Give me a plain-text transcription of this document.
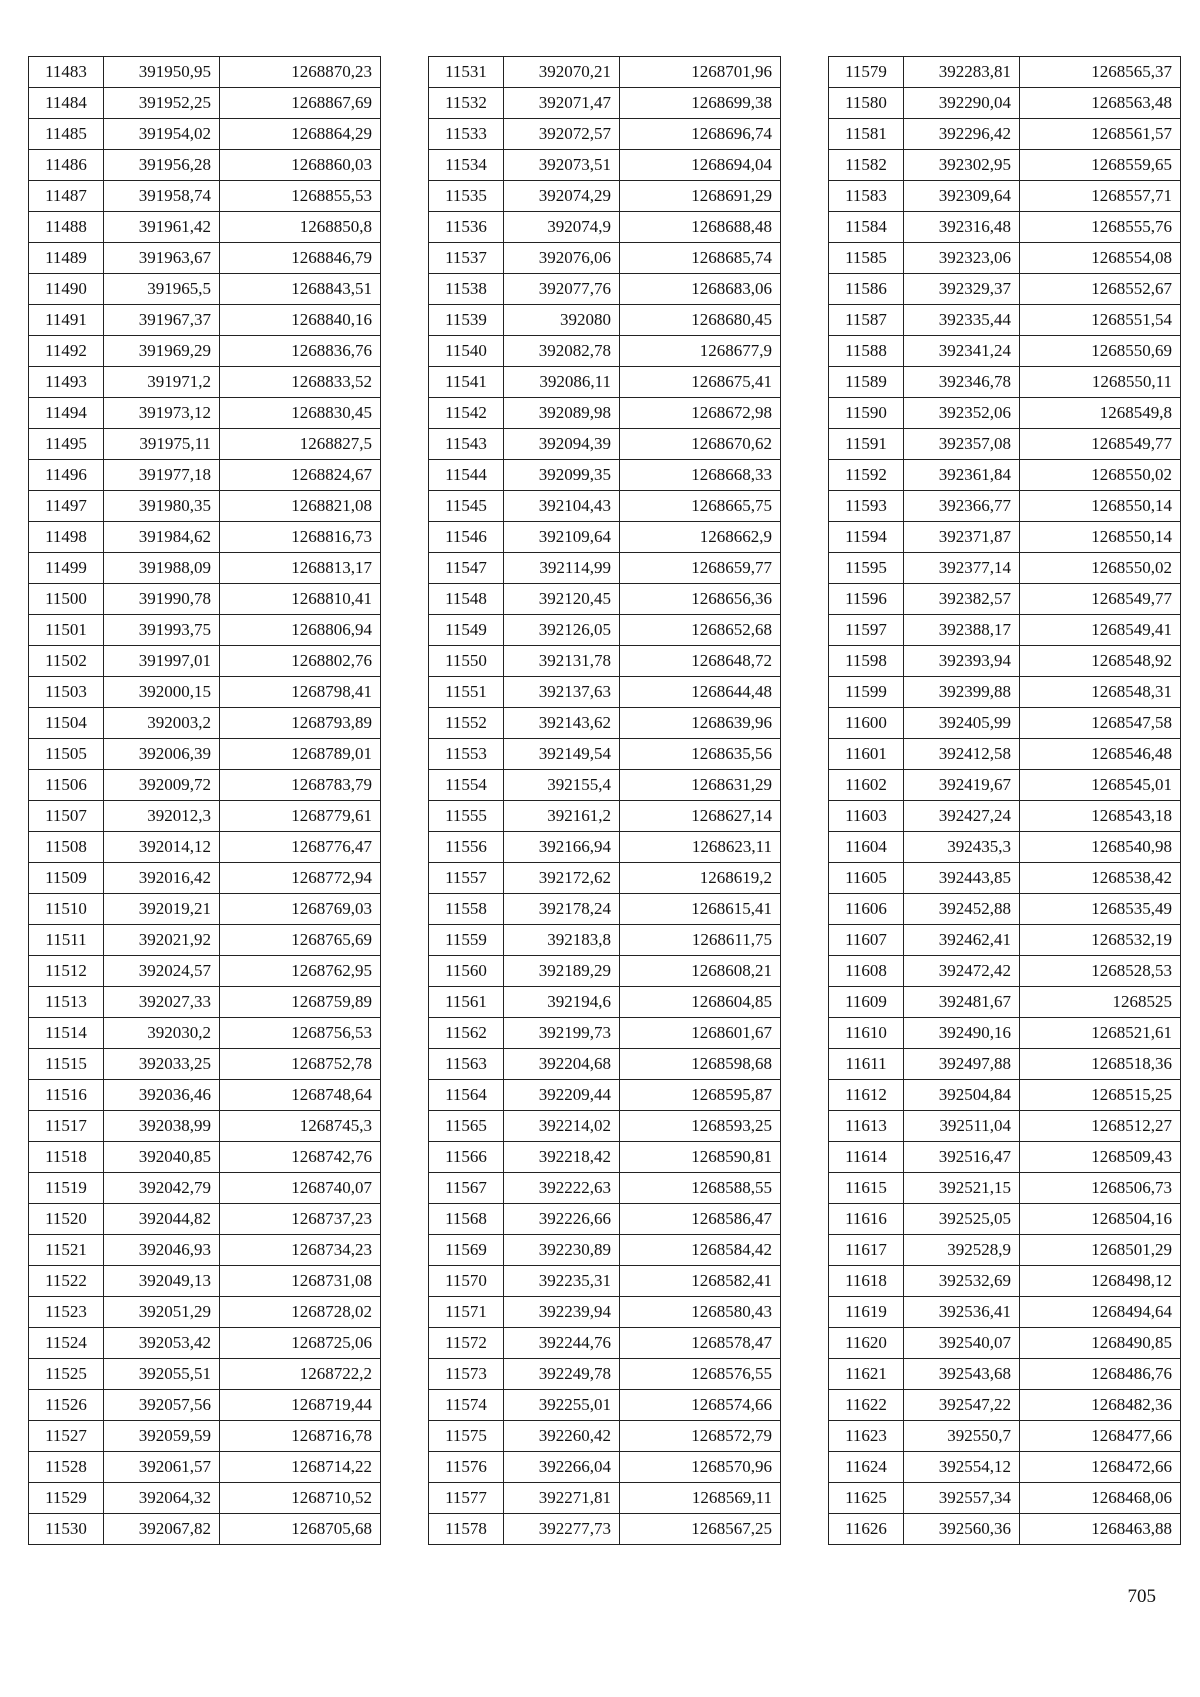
11483	391950,95	1268870,23
11484	391952,25	1268867,69
11485	391954,02	1268864,29
11486	391956,28	1268860,03
11487	391958,74	1268855,53
11488	391961,42	1268850,8
11489	391963,67	1268846,79
11490	391965,5	1268843,51
11491	391967,37	1268840,16
11492	391969,29	1268836,76
11493	391971,2	1268833,52
11494	391973,12	1268830,45
11495	391975,11	1268827,5
11496	391977,18	1268824,67
11497	391980,35	1268821,08
11498	391984,62	1268816,73
11499	391988,09	1268813,17
11500	391990,78	1268810,41
11501	391993,75	1268806,94
11502	391997,01	1268802,76
11503	392000,15	1268798,41
11504	392003,2	1268793,89
11505	392006,39	1268789,01
11506	392009,72	1268783,79
11507	392012,3	1268779,61
11508	392014,12	1268776,47
11509	392016,42	1268772,94
11510	392019,21	1268769,03
11511	392021,92	1268765,69
11512	392024,57	1268762,95
11513	392027,33	1268759,89
11514	392030,2	1268756,53
11515	392033,25	1268752,78
11516	392036,46	1268748,64
11517	392038,99	1268745,3
11518	392040,85	1268742,76
11519	392042,79	1268740,07
11520	392044,82	1268737,23
11521	392046,93	1268734,23
11522	392049,13	1268731,08
11523	392051,29	1268728,02
11524	392053,42	1268725,06
11525	392055,51	1268722,2
11526	392057,56	1268719,44
11527	392059,59	1268716,78
11528	392061,57	1268714,22
11529	392064,32	1268710,52
11530	392067,82	1268705,68
11531	392070,21	1268701,96
11532	392071,47	1268699,38
11533	392072,57	1268696,74
11534	392073,51	1268694,04
11535	392074,29	1268691,29
11536	392074,9	1268688,48
11537	392076,06	1268685,74
11538	392077,76	1268683,06
11539	392080	1268680,45
11540	392082,78	1268677,9
11541	392086,11	1268675,41
11542	392089,98	1268672,98
11543	392094,39	1268670,62
11544	392099,35	1268668,33
11545	392104,43	1268665,75
11546	392109,64	1268662,9
11547	392114,99	1268659,77
11548	392120,45	1268656,36
11549	392126,05	1268652,68
11550	392131,78	1268648,72
11551	392137,63	1268644,48
11552	392143,62	1268639,96
11553	392149,54	1268635,56
11554	392155,4	1268631,29
11555	392161,2	1268627,14
11556	392166,94	1268623,11
11557	392172,62	1268619,2
11558	392178,24	1268615,41
11559	392183,8	1268611,75
11560	392189,29	1268608,21
11561	392194,6	1268604,85
11562	392199,73	1268601,67
11563	392204,68	1268598,68
11564	392209,44	1268595,87
11565	392214,02	1268593,25
11566	392218,42	1268590,81
11567	392222,63	1268588,55
11568	392226,66	1268586,47
11569	392230,89	1268584,42
11570	392235,31	1268582,41
11571	392239,94	1268580,43
11572	392244,76	1268578,47
11573	392249,78	1268576,55
11574	392255,01	1268574,66
11575	392260,42	1268572,79
11576	392266,04	1268570,96
11577	392271,81	1268569,11
11578	392277,73	1268567,25
11579	392283,81	1268565,37
11580	392290,04	1268563,48
11581	392296,42	1268561,57
11582	392302,95	1268559,65
11583	392309,64	1268557,71
11584	392316,48	1268555,76
11585	392323,06	1268554,08
11586	392329,37	1268552,67
11587	392335,44	1268551,54
11588	392341,24	1268550,69
11589	392346,78	1268550,11
11590	392352,06	1268549,8
11591	392357,08	1268549,77
11592	392361,84	1268550,02
11593	392366,77	1268550,14
11594	392371,87	1268550,14
11595	392377,14	1268550,02
11596	392382,57	1268549,77
11597	392388,17	1268549,41
11598	392393,94	1268548,92
11599	392399,88	1268548,31
11600	392405,99	1268547,58
11601	392412,58	1268546,48
11602	392419,67	1268545,01
11603	392427,24	1268543,18
11604	392435,3	1268540,98
11605	392443,85	1268538,42
11606	392452,88	1268535,49
11607	392462,41	1268532,19
11608	392472,42	1268528,53
11609	392481,67	1268525
11610	392490,16	1268521,61
11611	392497,88	1268518,36
11612	392504,84	1268515,25
11613	392511,04	1268512,27
11614	392516,47	1268509,43
11615	392521,15	1268506,73
11616	392525,05	1268504,16
11617	392528,9	1268501,29
11618	392532,69	1268498,12
11619	392536,41	1268494,64
11620	392540,07	1268490,85
11621	392543,68	1268486,76
11622	392547,22	1268482,36
11623	392550,7	1268477,66
11624	392554,12	1268472,66
11625	392557,34	1268468,06
11626	392560,36	1268463,88
705
